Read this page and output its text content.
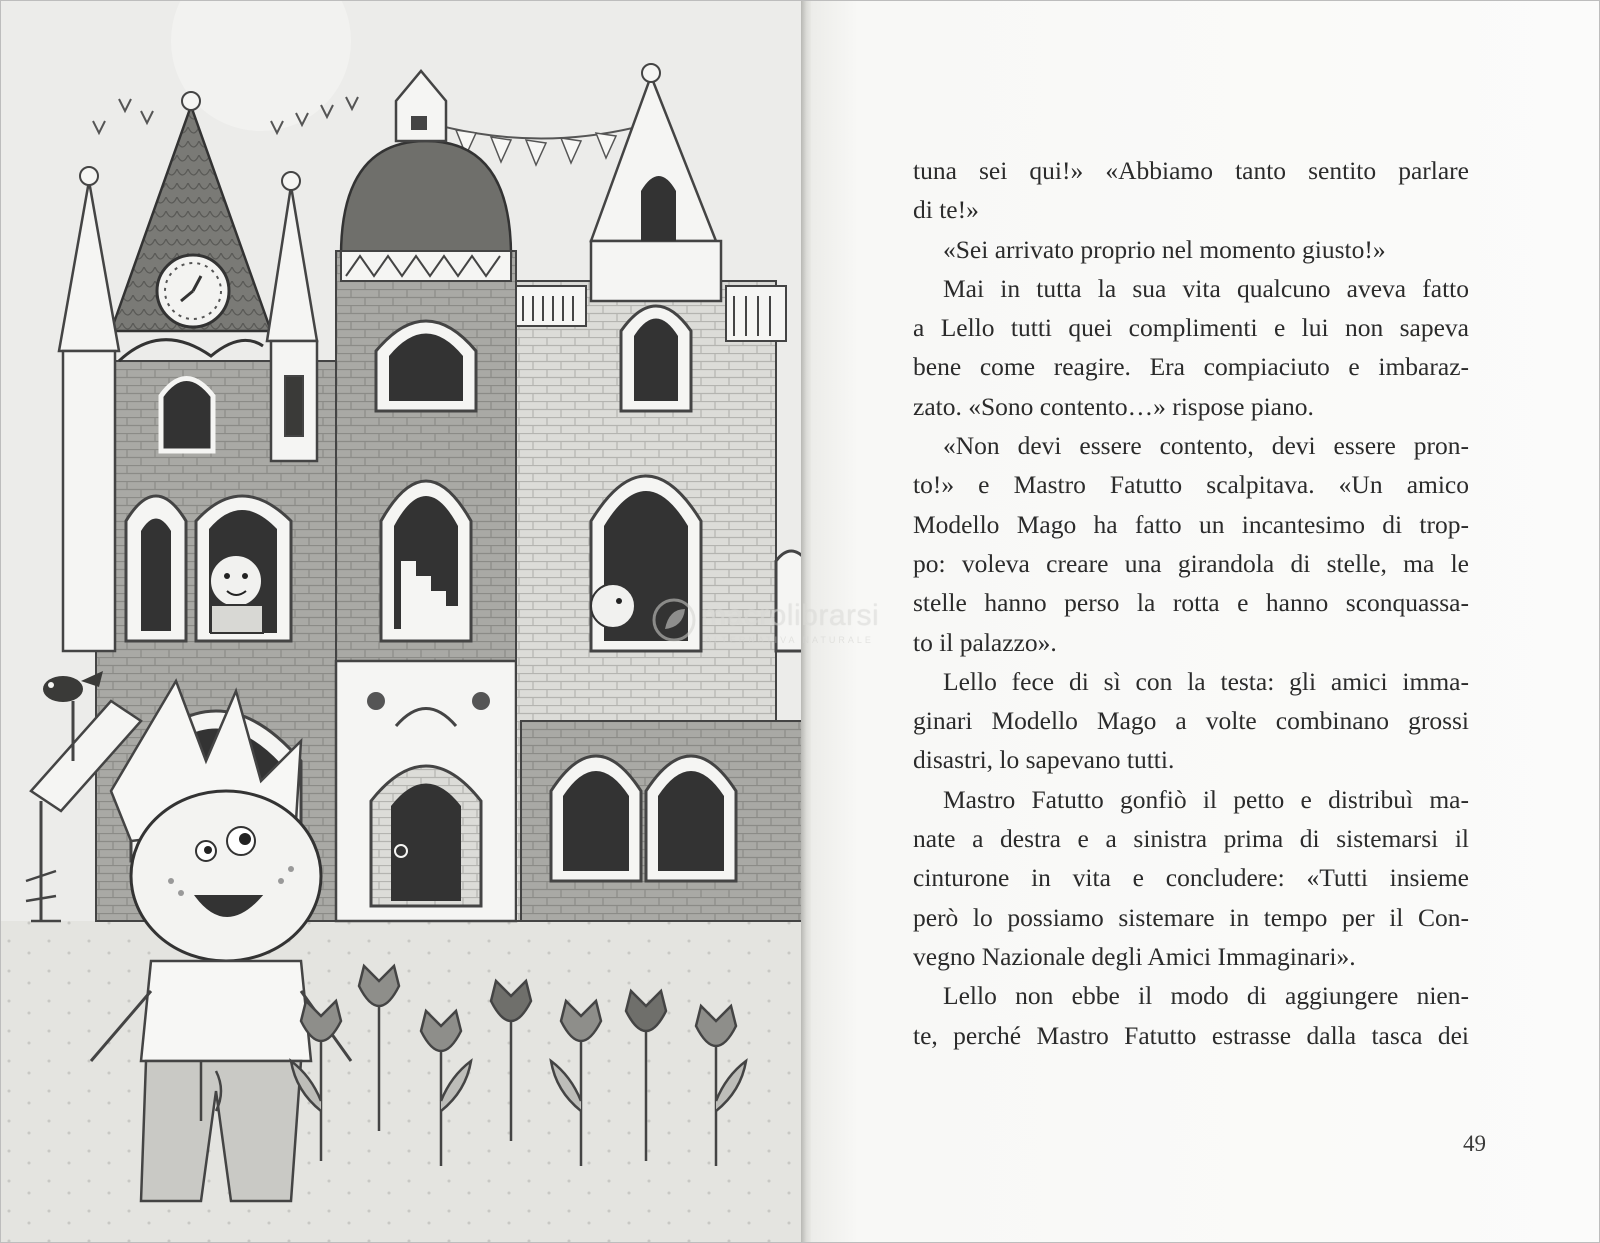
tuna sei qui!» «Abbiamo tanto sentito parlare
di te!»
«Sei arrivato proprio nel momento giusto!»
Mai in tutta la sua vita qualcuno aveva fatto
a Lello tutti quei complimenti e lui non sapeva
bene come reagire. Era compiaciuto e imbaraz-
zato. «Sono contento…» rispose piano.
«Non devi essere contento, devi essere pron-
to!» e Mastro Fatutto scalpitava. «Un amico
Modello Mago ha fatto un incantesimo di trop-
po: voleva creare una girandola di stelle, ma le
stelle hanno perso la rotta e hanno sconquassa-
to il palazzo».
Lello fece di sì con la testa: gli amici imma-
ginari Modello Mago a volte combinano grossi
disastri, lo sapevano tutti.
Mastro Fatutto gonfiò il petto e distribuì ma-
nate a destra e a sinistra prima di sistemarsi il
cinturone in vita e concludere: «Tutti insieme
però lo possiamo sistemare in tempo per il Con-
vegno Nazionale degli Amici Immaginari».
Lello non ebbe il modo di aggiungere nien-
te, perché Mastro Fatutto estrasse dalla tasca dei
49
macrolibrarsi
ALTERNATIVA NATURALE
